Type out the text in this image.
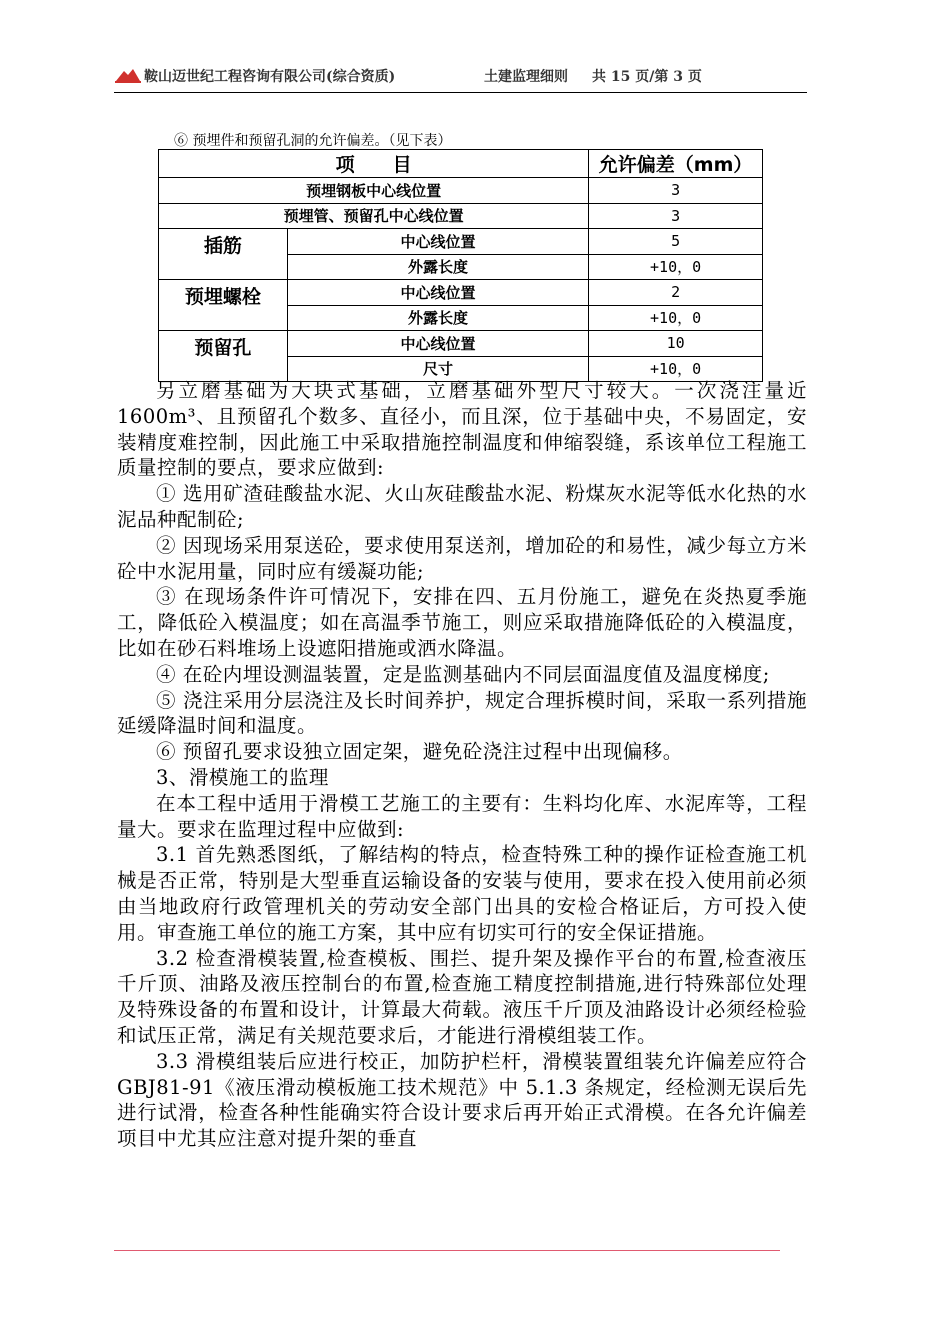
鞍山迈世纪工程咨询有限公司(综合资质)	土建监理细则 共 15 页/第 3 页
⑥ 预埋件和预留孔洞的允许偏差。（见下表）
项　　目		允许偏差（mm）
预埋钢板中心线位置		3
预埋管、预留孔中心线位置		3
插筋	中心线位置	5
	外露长度	+10，0
预埋螺栓	中心线位置	2
	外露长度	+10，0
预留孔	中心线位置	10
	尺寸	+10，0

另立磨基础为大块式基础，立磨基础外型尺寸较大。一次浇注量近 1600m³、且预留孔个数多、直径小，而且深，位于基础中央，不易固定，安装精度难控制，因此施工中采取措施控制温度和伸缩裂缝，系该单位工程施工质量控制的要点，要求应做到:

① 选用矿渣硅酸盐水泥、火山灰硅酸盐水泥、粉煤灰水泥等低水化热的水泥品种配制砼;

② 因现场采用泵送砼，要求使用泵送剂，增加砼的和易性，减少每立方米砼中水泥用量，同时应有缓凝功能;

③ 在现场条件许可情况下，安排在四、五月份施工，避免在炎热夏季施工，降低砼入模温度；如在高温季节施工，则应采取措施降低砼的入模温度，比如在砂石料堆场上设遮阳措施或洒水降温。

④ 在砼内埋设测温装置，定是监测基础内不同层面温度值及温度梯度;

⑤ 浇注采用分层浇注及长时间养护，规定合理拆模时间，采取一系列措施延缓降温时间和温度。

⑥ 预留孔要求设独立固定架，避免砼浇注过程中出现偏移。

3、滑模施工的监理

在本工程中适用于滑模工艺施工的主要有：生料均化库、水泥库等，工程量大。要求在监理过程中应做到:

3.1 首先熟悉图纸，了解结构的特点，检查特殊工种的操作证检查施工机械是否正常，特别是大型垂直运输设备的安装与使用，要求在投入使用前必须由当地政府行政管理机关的劳动安全部门出具的安检合格证后，方可投入使用。审查施工单位的施工方案，其中应有切实可行的安全保证措施。

3.2 检查滑模装置,检查模板、围拦、提升架及操作平台的布置,检查液压千斤顶、油路及液压控制台的布置,检查施工精度控制措施,进行特殊部位处理及特殊设备的布置和设计，计算最大荷载。液压千斤顶及油路设计必须经检验和试压正常，满足有关规范要求后，才能进行滑模组装工作。

3.3 滑模组装后应进行校正，加防护栏杆，滑模装置组装允许偏差应符合 GBJ81-91《液压滑动模板施工技术规范》中 5.1.3 条规定，经检测无误后先进行试滑，检查各种性能确实符合设计要求后再开始正式滑模。在各允许偏差项目中尤其应注意对提升架的垂直
